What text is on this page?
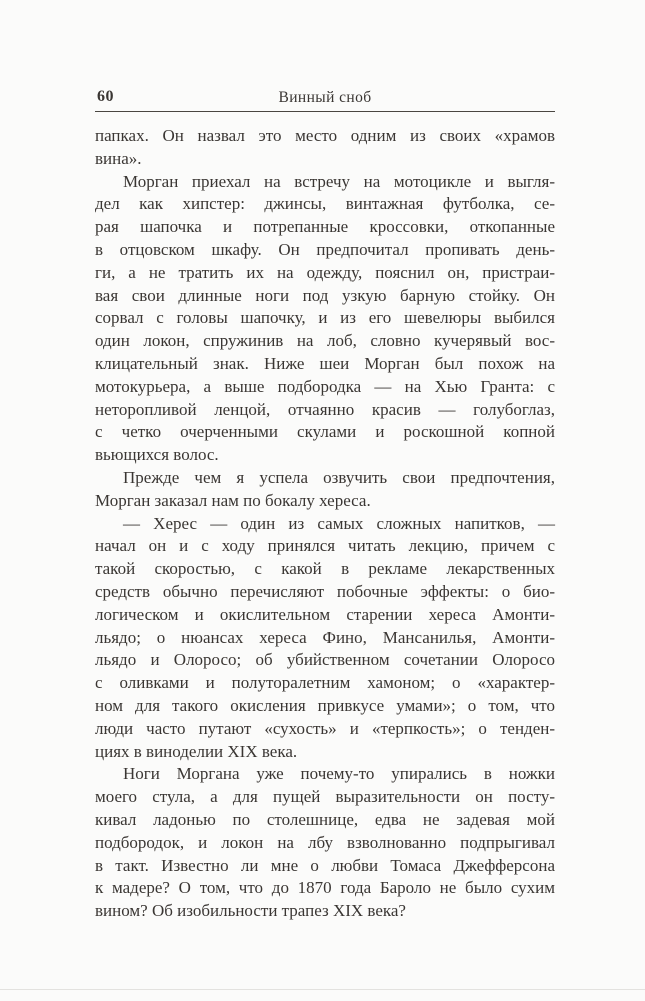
60	Винный сноб
папках. Он назвал это место одним из своих «храмов
вина».
Морган приехал на встречу на мотоцикле и выгля-
дел как хипстер: джинсы, винтажная футболка, се-
рая шапочка и потрепанные кроссовки, откопанные
в отцовском шкафу. Он предпочитал пропивать день-
ги, а не тратить их на одежду, пояснил он, пристраи-
вая свои длинные ноги под узкую барную стойку. Он
сорвал с головы шапочку, и из его шевелюры выбился
один локон, спружинив на лоб, словно кучерявый вос-
клицательный знак. Ниже шеи Морган был похож на
мотокурьера, а выше подбородка — на Хью Гранта: с
неторопливой ленцой, отчаянно красив — голубоглаз,
с четко очерченными скулами и роскошной копной
вьющихся волос.
Прежде чем я успела озвучить свои предпочтения,
Морган заказал нам по бокалу хереса.
— Херес — один из самых сложных напитков, —
начал он и с ходу принялся читать лекцию, причем с
такой скоростью, с какой в рекламе лекарственных
средств обычно перечисляют побочные эффекты: о био-
логическом и окислительном старении хереса Амонти-
льядо; о нюансах хереса Фино, Мансанилья, Амонти-
льядо и Олоросо; об убийственном сочетании Олоросо
с оливками и полуторалетним хамоном; о «характер-
ном для такого окисления привкусе умами»; о том, что
люди часто путают «сухость» и «терпкость»; о тенден-
циях в виноделии XIX века.
Ноги Моргана уже почему-то упирались в ножки
моего стула, а для пущей выразительности он посту-
кивал ладонью по столешнице, едва не задевая мой
подбородок, и локон на лбу взволнованно подпрыгивал
в такт. Известно ли мне о любви Томаса Джефферсона
к мадере? О том, что до 1870 года Бароло не было сухим
вином? Об изобильности трапез XIX века?
